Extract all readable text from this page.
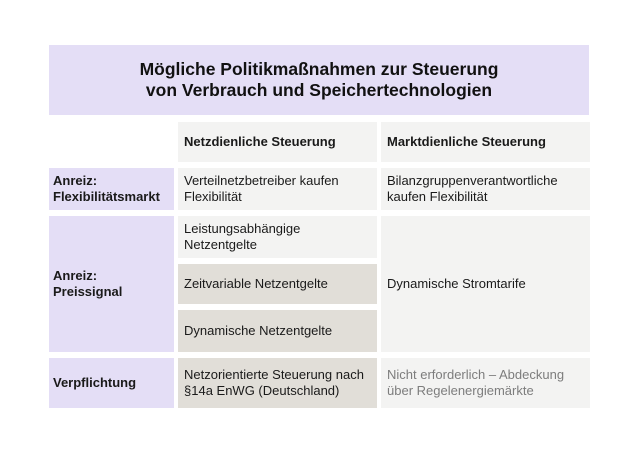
Mögliche Politikmaßnahmen zur Steuerung
von Verbrauch und Speichertechnologien
Netzdienliche Steuerung	Marktdienliche Steuerung
Anreiz:
Flexibilitätsmarkt
Verteilnetzbetreiber kaufen
Flexibilität
Bilanzgruppenverantwortliche
kaufen Flexibilität
Anreiz:
Preissignal
Leistungsabhängige
Netzentgelte
Zeitvariable Netzentgelte
Dynamische Netzentgelte
Dynamische Stromtarife
Verpflichtung
Netzorientierte Steuerung nach
§14a EnWG (Deutschland)
Nicht erforderlich – Abdeckung
über Regelenergiemärkte
